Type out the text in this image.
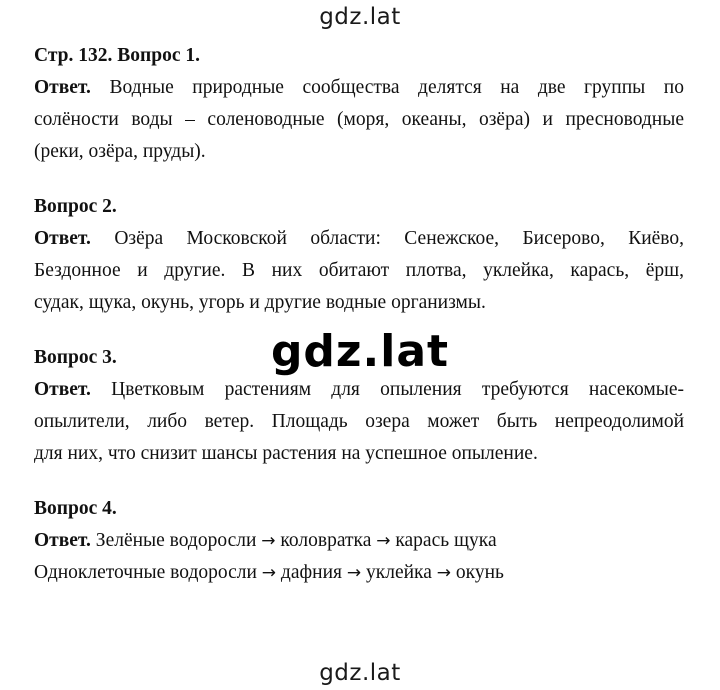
gdz.lat
Стр. 132. Вопрос 1.
Ответ. Водные природные сообщества делятся на две группы по
солёности воды – соленоводные (моря, океаны, озёра) и пресноводные
(реки, озёра, пруды).
Вопрос 2.
Ответ. Озёра Московской области: Сенежское, Бисерово, Киёво,
Бездонное и другие. В них обитают плотва, уклейка, карась, ёрш,
судак, щука, окунь, угорь и другие водные организмы.
Вопрос 3.
Ответ. Цветковым растениям для опыления требуются насекомые-
опылители, либо ветер. Площадь озера может быть непреодолимой
для них, что снизит шансы растения на успешное опыление.
Вопрос 4.
Ответ. Зелёные водоросли → коловратка → карась щука
Одноклеточные водоросли → дафния → уклейка → окунь
gdz.lat
gdz.lat
